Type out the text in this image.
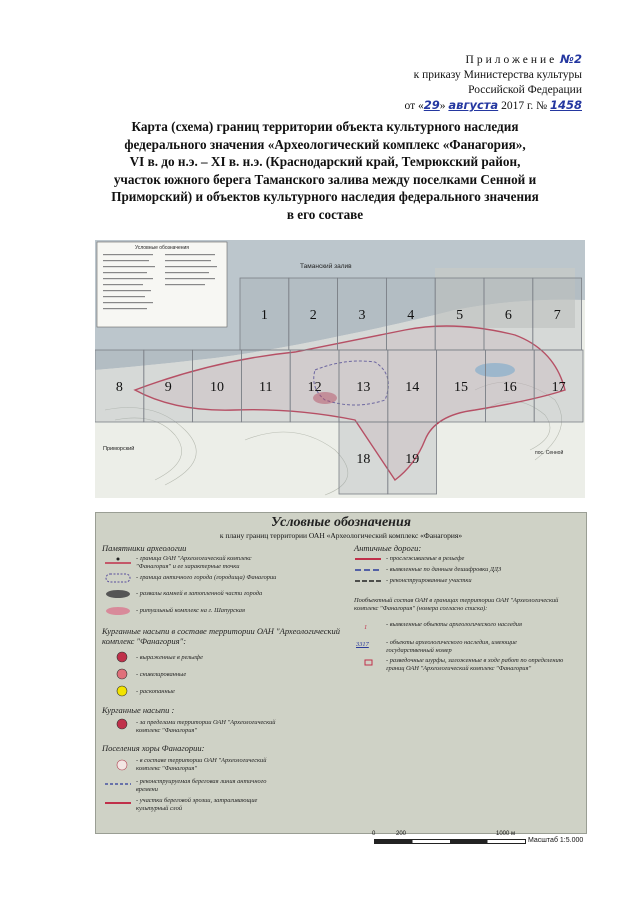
Приложение №2
к приказу Министерства культуры
Российской Федерации
от «29» августа 2017 г. № 1458
Карта (схема) границ территории объекта культурного наследия
федерального значения «Археологический комплекс «Фанагория»,
VI в. до н.э. – XI в. н.э. (Краснодарский край, Темрюкский район,
участок южного берега Таманского залива между поселками Сенной и
Приморский) и объектов культурного наследия федерального значения
в его составе
Условные обозначения
Таманский залив
Приморский
пос. Сенной
1	2	3	4	5	6	7
8	9	10	11	12 13 14 15 16 17
18 19
Условные обозначения
к плану границ территории ОАН «Археологический комплекс «Фанагория»
Памятники археологии
- граница ОАН "Археологический комплекс "Фанагория" и ее характерные точки
- граница античного города (городища) Фанагории
- развалы камней в затопленной части города
- ритуальный комплекс на г. Шапурская
Курганные насыпи в составе территории ОАН "Археологический комплекс "Фанагория":
- выраженные в рельефе
- снивелированные
- раскопанные
Курганные насыпи :
- за пределами территории ОАН "Археологический комплекс "Фанагория"
Поселения хоры Фанагории:
- в составе территории ОАН "Археологический комплекс "Фанагория"
- реконструируемая береговая линия античного времени
- участки береговой эрозии, затрагивающие культурный слой
Античные дороги:
- прослеживаемые в рельефе
- выявленные по данным дешифровки ДДЗ
- реконструированные участки
Пообъектный состав ОАН в границах территории ОАН "Археологический комплекс "Фанагория" (номера согласно списка):
1	- выявленные объекты археологического наследия
3317	- объекты археологического наследия, имеющие государственный номер
- разведочные шурфы, заложенные в ходе работ по определению границ ОАН "Археологический комплекс "Фанагория"
0	200	1000 м
Масштаб 1:5.000
